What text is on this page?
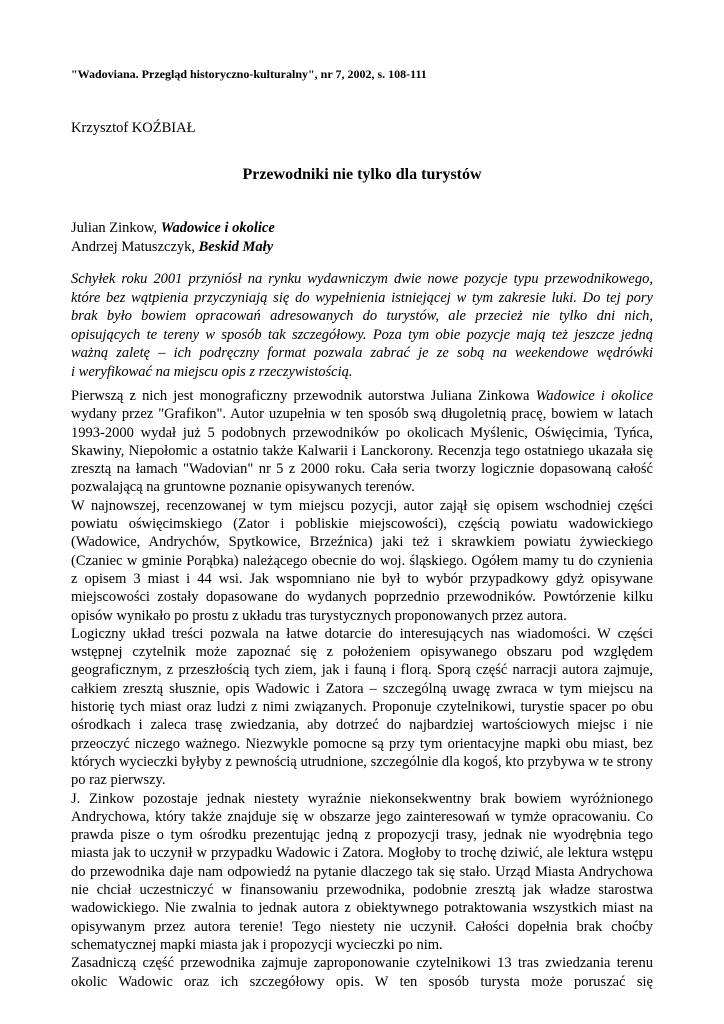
"Wadoviana. Przegląd historyczno-kulturalny", nr 7, 2002, s. 108-111
Krzysztof KOŹBIAŁ
Przewodniki nie tylko dla turystów
Julian Zinkow, Wadowice i okolice
Andrzej Matuszczyk, Beskid Mały
Schyłek roku 2001 przyniósł na rynku wydawniczym dwie nowe pozycje typu przewodnikowego,
które bez wątpienia przyczyniają się do wypełnienia istniejącej w tym zakresie luki. Do tej pory
brak było bowiem opracowań adresowanych do turystów, ale przecież nie tylko dni nich,
opisujących te tereny w sposób tak szczegółowy. Poza tym obie pozycje mają też jeszcze jedną
ważną zaletę – ich podręczny format pozwala zabrać je ze sobą na weekendowe wędrówki
i weryfikować na miejscu opis z rzeczywistością.
Pierwszą z nich jest monograficzny przewodnik autorstwa Juliana Zinkowa Wadowice i okolice
wydany przez "Grafikon". Autor uzupełnia w ten sposób swą długoletnią pracę, bowiem w latach
1993-2000 wydał już 5 podobnych przewodników po okolicach Myślenic, Oświęcimia, Tyńca,
Skawiny, Niepołomic a ostatnio także Kalwarii i Lanckorony. Recenzja tego ostatniego ukazała się
zresztą na łamach "Wadovian" nr 5 z 2000 roku. Cała seria tworzy logicznie dopasowaną całość
pozwalającą na gruntowne poznanie opisywanych terenów.
W najnowszej, recenzowanej w tym miejscu pozycji, autor zajął się opisem wschodniej części
powiatu oświęcimskiego (Zator i pobliskie miejscowości), częścią powiatu wadowickiego
(Wadowice, Andrychów, Spytkowice, Brzeźnica) jaki też i skrawkiem powiatu żywieckiego
(Czaniec w gminie Porąbka) należącego obecnie do woj. śląskiego. Ogółem mamy tu do czynienia
z opisem 3 miast i 44 wsi. Jak wspomniano nie był to wybór przypadkowy gdyż opisywane
miejscowości zostały dopasowane do wydanych poprzednio przewodników. Powtórzenie kilku
opisów wynikało po prostu z układu tras turystycznych proponowanych przez autora.
Logiczny układ treści pozwala na łatwe dotarcie do interesujących nas wiadomości. W części
wstępnej czytelnik może zapoznać się z położeniem opisywanego obszaru pod względem
geograficznym, z przeszłością tych ziem, jak i fauną i florą. Sporą część narracji autora zajmuje,
całkiem zresztą słusznie, opis Wadowic i Zatora – szczególną uwagę zwraca w tym miejscu na
historię tych miast oraz ludzi z nimi związanych. Proponuje czytelnikowi, turystie spacer po obu
ośrodkach i zaleca trasę zwiedzania, aby dotrzeć do najbardziej wartościowych miejsc i nie
przeoczyć niczego ważnego. Niezwykle pomocne są przy tym orientacyjne mapki obu miast, bez
których wycieczki byłyby z pewnością utrudnione, szczególnie dla kogoś, kto przybywa w te strony
po raz pierwszy.
J. Zinkow pozostaje jednak niestety wyraźnie niekonsekwentny brak bowiem wyróżnionego
Andrychowa, który także znajduje się w obszarze jego zainteresowań w tymże opracowaniu. Co
prawda pisze o tym ośrodku prezentując jedną z propozycji trasy, jednak nie wyodrębnia tego
miasta jak to uczynił w przypadku Wadowic i Zatora. Mogłoby to trochę dziwić, ale lektura wstępu
do przewodnika daje nam odpowiedź na pytanie dlaczego tak się stało. Urząd Miasta Andrychowa
nie chciał uczestniczyć w finansowaniu przewodnika, podobnie zresztą jak władze starostwa
wadowickiego. Nie zwalnia to jednak autora z obiektywnego potraktowania wszystkich miast na
opisywanym przez autora terenie! Tego niestety nie uczynił. Całości dopełnia brak choćby
schematycznej mapki miasta jak i propozycji wycieczki po nim.
Zasadniczą część przewodnika zajmuje zaproponowanie czytelnikowi 13 tras zwiedzania terenu
okolic Wadowic oraz ich szczegółowy opis. W ten sposób turysta może poruszać się
